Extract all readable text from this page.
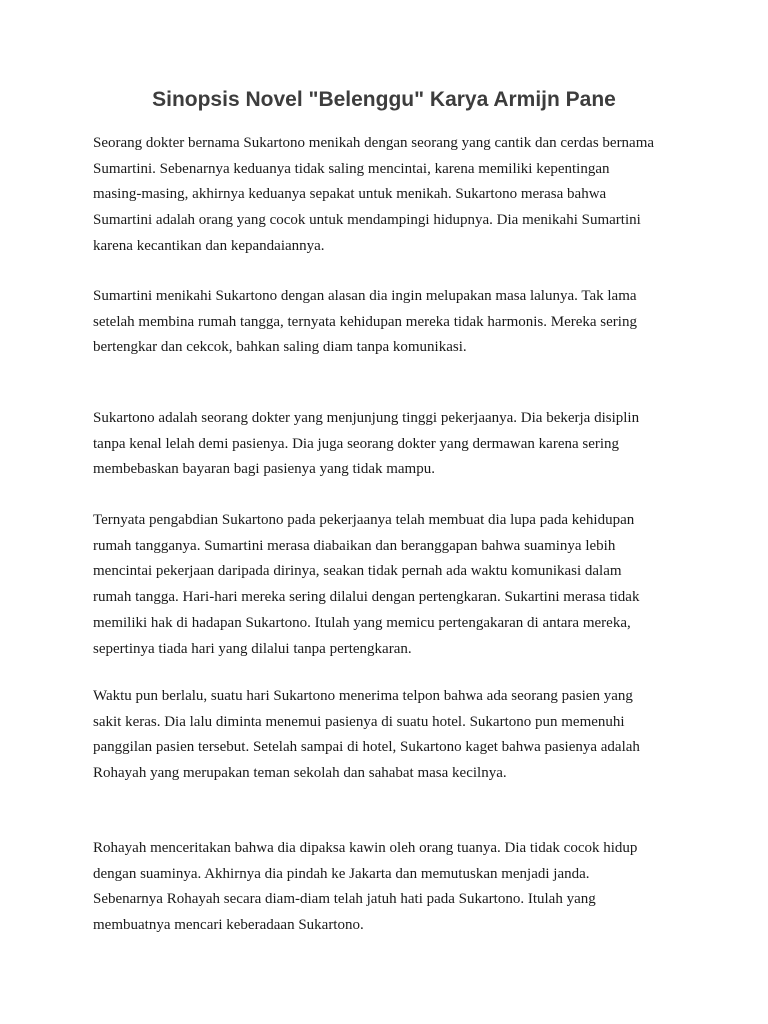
Sinopsis Novel "Belenggu" Karya Armijn Pane

Seorang dokter bernama Sukartono menikah dengan seorang yang cantik dan cerdas bernama
Sumartini. Sebenarnya keduanya tidak saling mencintai, karena memiliki kepentingan
masing-masing, akhirnya keduanya sepakat untuk menikah. Sukartono merasa bahwa
Sumartini adalah orang yang cocok untuk mendampingi hidupnya. Dia menikahi Sumartini
karena kecantikan dan kepandaiannya.

Sumartini menikahi Sukartono dengan alasan dia ingin melupakan masa lalunya. Tak lama
setelah membina rumah tangga, ternyata kehidupan mereka tidak harmonis. Mereka sering
bertengkar dan cekcok, bahkan saling diam tanpa komunikasi.

Sukartono adalah seorang dokter yang menjunjung tinggi pekerjaanya. Dia bekerja disiplin
tanpa kenal lelah demi pasienya. Dia juga seorang dokter yang dermawan karena sering
membebaskan bayaran bagi pasienya yang tidak mampu.

Ternyata pengabdian Sukartono pada pekerjaanya telah membuat dia lupa pada kehidupan
rumah tangganya. Sumartini merasa diabaikan dan beranggapan bahwa suaminya lebih
mencintai pekerjaan daripada dirinya, seakan tidak pernah ada waktu komunikasi dalam
rumah tangga. Hari-hari mereka sering dilalui dengan pertengkaran. Sukartini merasa tidak
memiliki hak di hadapan Sukartono. Itulah yang memicu pertengakaran di antara mereka,
sepertinya tiada hari yang dilalui tanpa pertengkaran.

Waktu pun berlalu, suatu hari Sukartono menerima telpon bahwa ada seorang pasien yang
sakit keras. Dia lalu diminta menemui pasienya di suatu hotel. Sukartono pun memenuhi
panggilan pasien tersebut. Setelah sampai di hotel, Sukartono kaget bahwa pasienya adalah
Rohayah yang merupakan teman sekolah dan sahabat masa kecilnya.

Rohayah menceritakan bahwa dia dipaksa kawin oleh orang tuanya. Dia tidak cocok hidup
dengan suaminya. Akhirnya dia pindah ke Jakarta dan memutuskan menjadi janda.
Sebenarnya Rohayah secara diam-diam telah jatuh hati pada Sukartono. Itulah yang
membuatnya mencari keberadaan Sukartono.
